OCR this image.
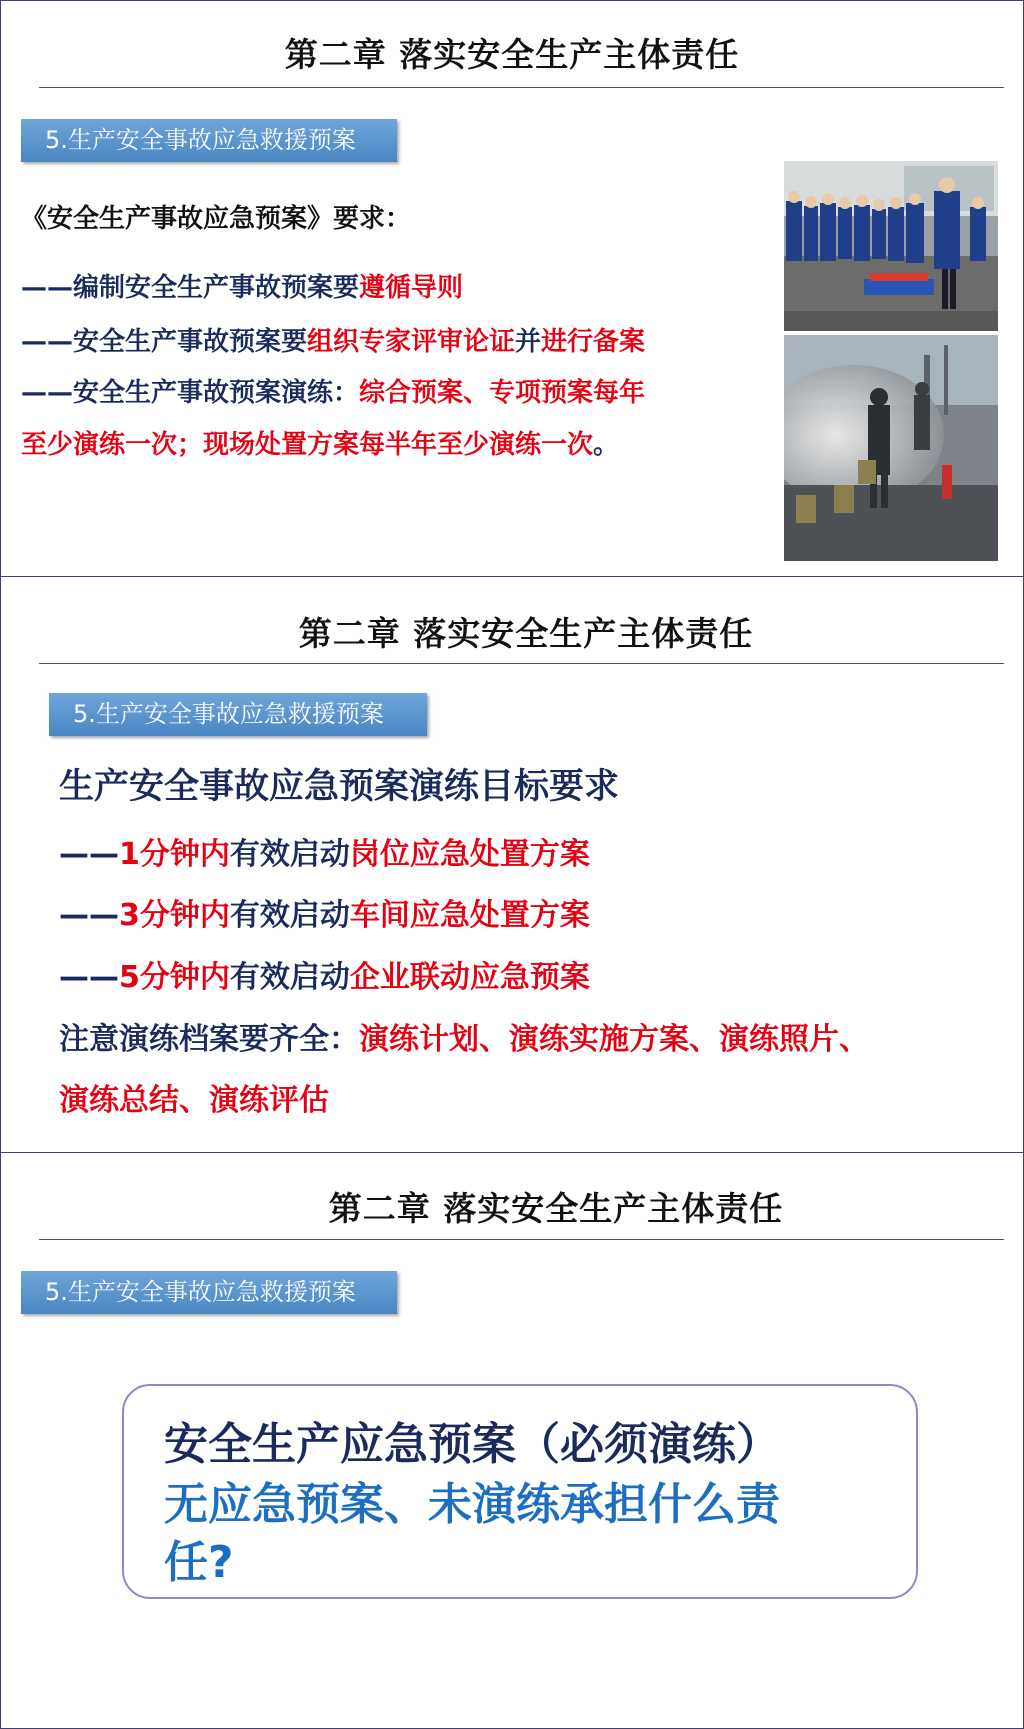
第二章 落实安全生产主体责任
5.生产安全事故应急救援预案
《安全生产事故应急预案》要求：
——编制安全生产事故预案要遵循导则
——安全生产事故预案要组织专家评审论证并进行备案
——安全生产事故预案演练：综合预案、专项预案每年
至少演练一次；现场处置方案每半年至少演练一次。
第二章 落实安全生产主体责任
5.生产安全事故应急救援预案
生产安全事故应急预案演练目标要求
——1分钟内有效启动岗位应急处置方案
——3分钟内有效启动车间应急处置方案
——5分钟内有效启动企业联动应急预案
注意演练档案要齐全：演练计划、演练实施方案、演练照片、
演练总结、演练评估
第二章 落实安全生产主体责任
5.生产安全事故应急救援预案
安全生产应急预案（必须演练）
无应急预案、未演练承担什么责
任?
